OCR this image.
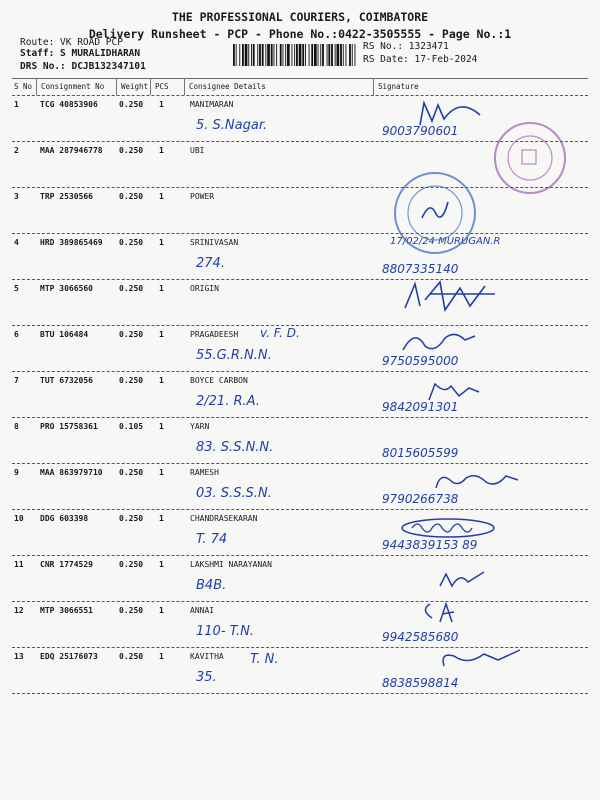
THE PROFESSIONAL COURIERS, COIMBATORE
Delivery Runsheet - PCP - Phone No.:0422-3505555 - Page No.:1
Route: VK ROAD PCP
Staff: S MURALIDHARAN
DRS No.: DCJB132347101
RS No.: 1323471
RS Date: 17-Feb-2024
S No Consignment No Weight PCS	Consignee Details	Signature
1	TCG 40853906	0.250 1	MANIMARAN
5. S.Nagar.	9003790601
2	MAA 287946778 0.250 1	UBI
3	TRP 2530566	0.250 1	POWER
4	HRD 389865469 0.250 1	SRINIVASAN
274.	8807335140
17/02/24 MURUGAN.R
5	MTP 3066560	0.250 1	ORIGIN
6	BTU 106484	0.250 1	PRAGADEESH
55.G.R.N.N.	9750595000
7	TUT 6732056	0.250 1	BOYCE CARBON
2/21. R.A.	9842091301
8	PRO 15758361	0.105 1	YARN
83. S.S.N.N.	8015605599
9	MAA 863979710 0.250 1	RAMESH
03. S.S.S.N.	9790266738
10 DDG 603398	0.250 1	CHANDRASEKARAN
T. 74	9443839153 89
11 CNR 1774529	0.250 1	LAKSHMI NARAYANAN
B4B.
12 MTP 3066551	0.250 1	ANNAI
110- T.N.	9942585680
13 EDQ 25176073	0.250 1	KAVITHA
35.	8838598814
v. F. D.
T. N.
